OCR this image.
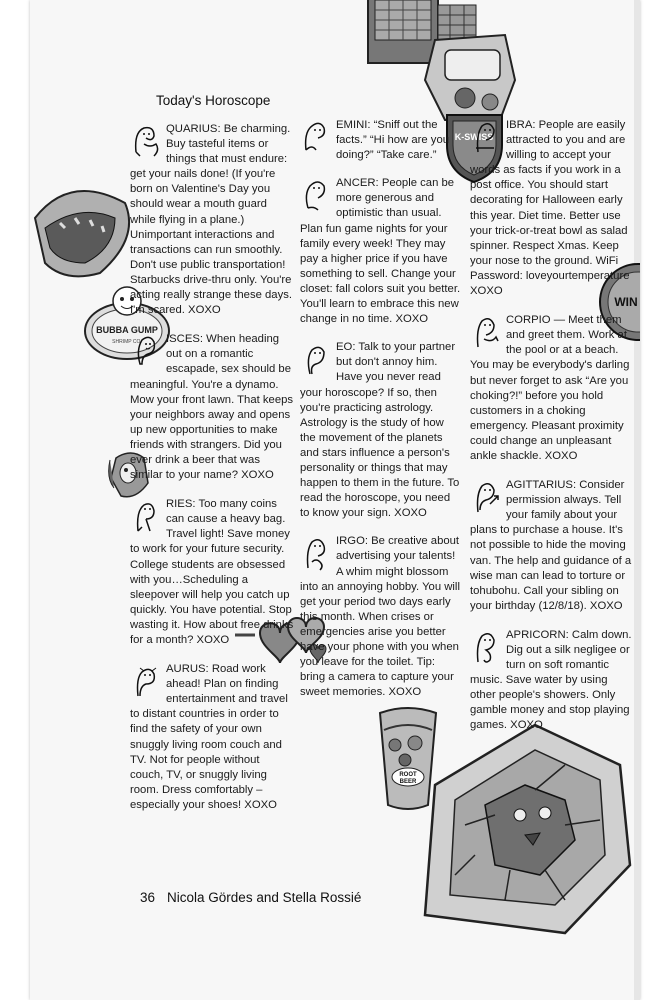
K-SWISS
BUBBA GUMP
SHRIMP CO.
WIN
ROOT
BEER
Today's Horoscope
QUARIUS: Be charming. Buy tasteful items or things that must endure: get your nails done! (If you're born on Valentine's Day you should wear a mouth guard while flying in a plane.) Unimportant interactions and transactions can run smoothly. Don't use public transportation! Starbucks drive-thru only. You're acting really strange these days. I'm scared. XOXO
ISCES: When heading out on a romantic escapade, sex should be meaningful. You're a dynamo. Mow your front lawn. That keeps your neighbors away and opens up new opportunities to make friends with strangers. Did you ever drink a beer that was similar to your name? XOXO
RIES: Too many coins can cause a heavy bag. Travel light! Save money to work for your future security. College students are obsessed with you…Scheduling a sleepover will help you catch up quickly. You have potential. Stop wasting it. How about free drinks for a month? XOXO
AURUS: Road work ahead! Plan on finding entertainment and travel to distant countries in order to find the safety of your own snuggly living room couch and TV. Not for people without couch, TV, or snuggly living room. Dress comfortably – especially your shoes! XOXO
EMINI: “Sniff out the facts.” “Hi how are you doing?” “Take care.”
ANCER: People can be more generous and optimistic than usual. Plan fun game nights for your family every week! They may pay a higher price if you have something to sell. Change your closet: fall colors suit you better. You'll learn to embrace this new change in no time. XOXO
EO: Talk to your partner but don't annoy him. Have you never read your horoscope? If so, then you're practicing astrology. Astrology is the study of how the movement of the planets and stars influence a person's personality or things that may happen to them in the future. To read the horoscope, you need to know your sign. XOXO
IRGO: Be creative about advertising your talents! A whim might blossom into an annoying hobby. You will get your period two days early this month. When crises or emergencies arise you better have your phone with you when you leave for the toilet. Tip: bring a camera to capture your sweet memories. XOXO
IBRA: People are easily attracted to you and are willing to accept your words as facts if you work in a post office. You should start decorating for Halloween early this year. Diet time. Better use your trick-or-treat bowl as salad spinner. Respect Xmas. Keep your nose to the ground. WiFi Password: loveyourtemperature XOXO
CORPIO — Meet them and greet them. Work at the pool or at a beach. You may be everybody's darling but never forget to ask “Are you choking?!” before you hold customers in a choking emergency. Pleasant proximity could change an unpleasant ankle shackle. XOXO
AGITTARIUS: Consider permission always. Tell your family about your plans to purchase a house. It's not possible to hide the moving van. The help and guidance of a wise man can lead to torture or tohubohu. Call your sibling on your birthday (12/8/18). XOXO
APRICORN: Calm down. Dig out a silk negligee or turn on soft romantic music. Save water by using other people's showers. Only gamble money and stop playing games. XOXO
36 Nicola Gördes and Stella Rossié
